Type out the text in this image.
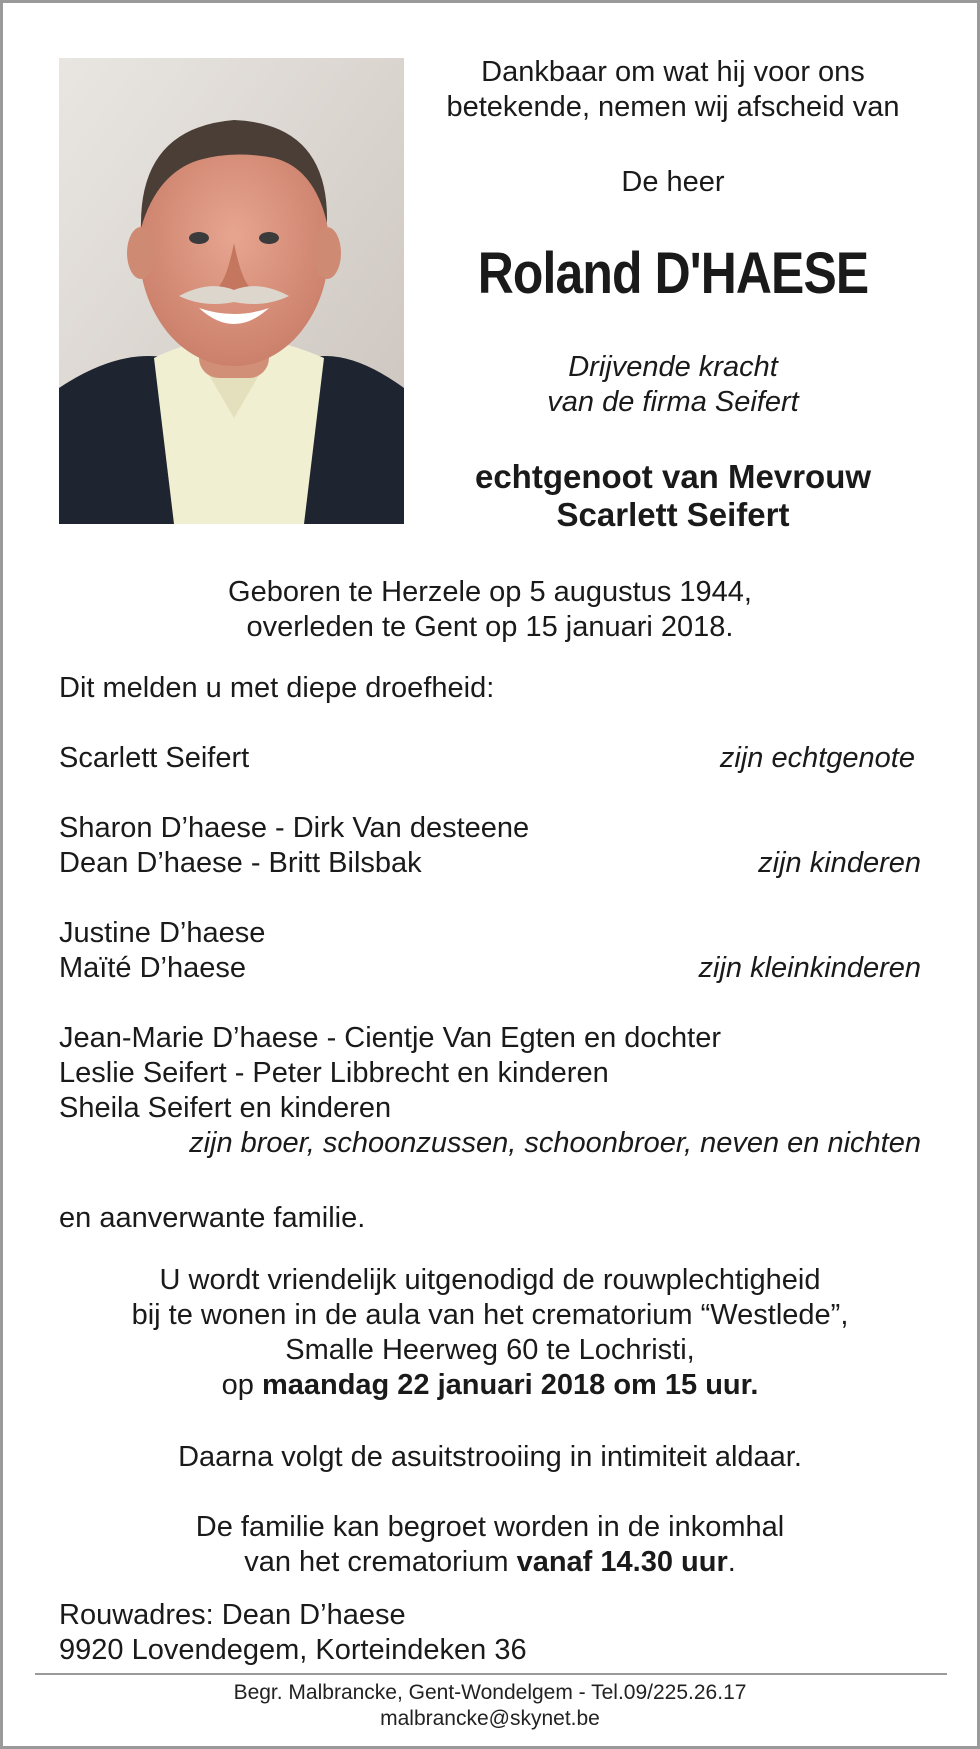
Dankbaar om wat hij voor ons
betekende, nemen wij afscheid van
De heer
Roland D'HAESE
Drijvende kracht
van de firma Seifert
echtgenoot van Mevrouw
Scarlett Seifert
Geboren te Herzele op 5 augustus 1944,
overleden te Gent op 15 januari 2018.
Dit melden u met diepe droefheid:
Scarlett Seifert	zijn echtgenote
Sharon D’haese - Dirk Van desteene
Dean D’haese - Britt Bilsbak	zijn kinderen
Justine D’haese
Maïté D’haese	zijn kleinkinderen
Jean-Marie D’haese - Cientje Van Egten en dochter
Leslie Seifert - Peter Libbrecht en kinderen
Sheila Seifert en kinderen
zijn broer, schoonzussen, schoonbroer, neven en nichten
en aanverwante familie.
U wordt vriendelijk uitgenodigd de rouwplechtigheid
bij te wonen in de aula van het crematorium “Westlede”,
Smalle Heerweg 60 te Lochristi,
op maandag 22 januari 2018 om 15 uur.
Daarna volgt de asuitstrooiing in intimiteit aldaar.
De familie kan begroet worden in de inkomhal
van het crematorium vanaf 14.30 uur.
Rouwadres: Dean D’haese
9920 Lovendegem, Korteindeken 36
Begr. Malbrancke, Gent-Wondelgem - Tel.09/225.26.17
malbrancke@skynet.be
